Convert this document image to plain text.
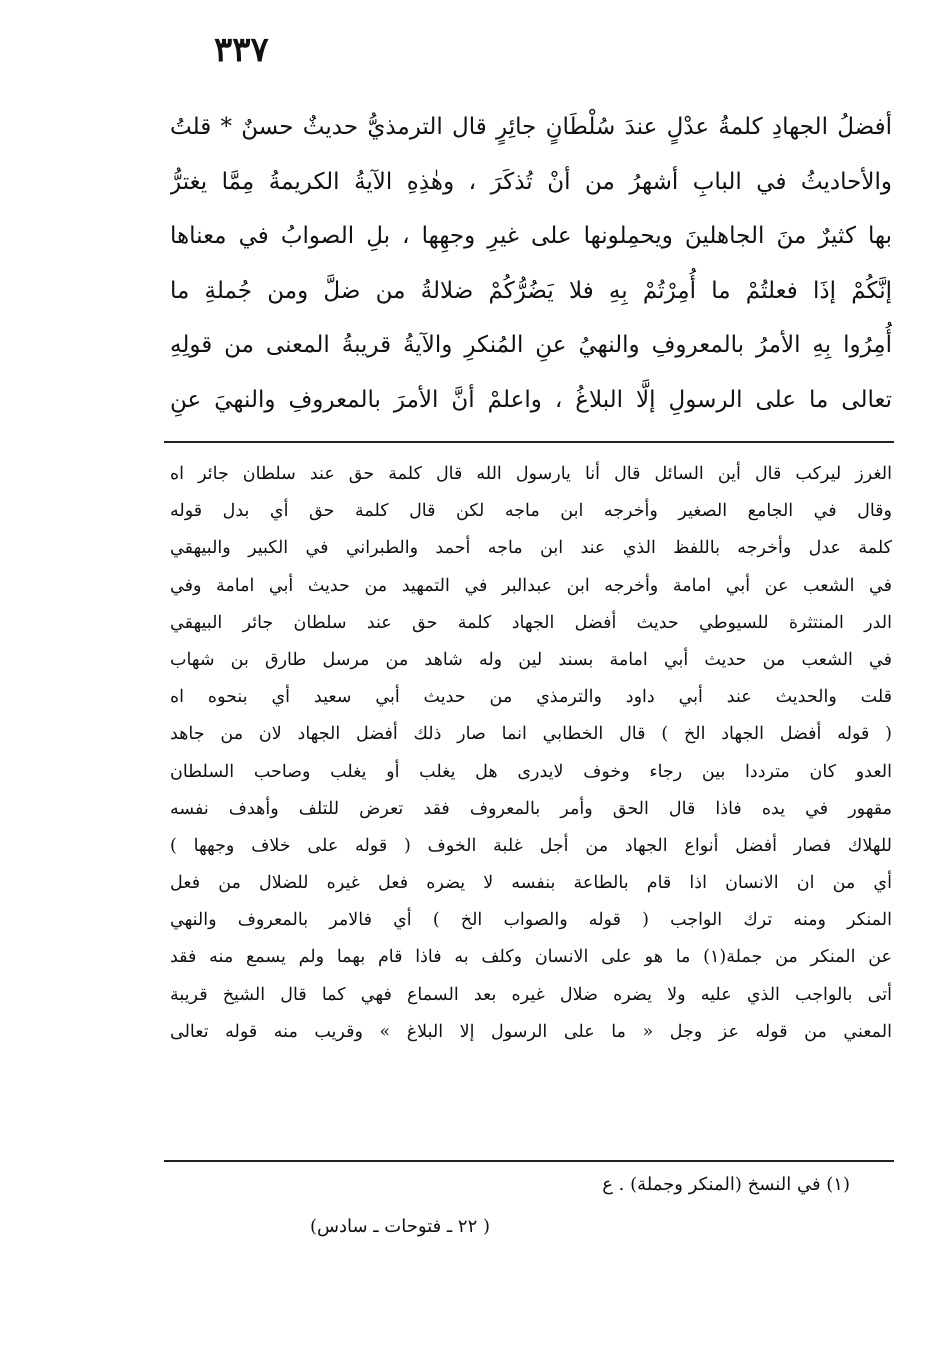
٣٣٧
أفضلُ الجهادِ كلمةُ عدْلٍ عندَ سُلْطَانٍ جائِرٍ قال الترمذيُّ حديثٌ حسنٌ * قلتُ
والأحاديثُ في البابِ أشهرُ من أنْ تُذكَرَ ، وهٰذِهِ الآيةُ الكريمةُ مِمَّا يغترُّ
بها كثيرٌ منَ الجاهلينَ ويحمِلونها على غيرِ وجهِها ، بلِ الصوابُ في معناها
إنَّكُمْ إذَا فعلتُمْ ما أُمِرْتُمْ بِهِ فلا يَضُرُّكُمْ ضلالةُ من ضلَّ ومن جُملةِ ما
أُمِرُوا بِهِ الأمرُ بالمعروفِ والنهيُ عنِ المُنكرِ والآيةُ قريبةُ المعنى من قولِهِ
تعالى ما على الرسولِ إلَّا البلاغُ ، واعلمْ أنَّ الأمرَ بالمعروفِ والنهيَ عنِ
الغرز ليركب قال أين السائل قال أنا يارسول الله قال كلمة حق عند سلطان جائر اه
وقال في الجامع الصغير وأخرجه ابن ماجه لكن قال كلمة حق أي بدل قوله
كلمة عدل وأخرجه باللفظ الذي عند ابن ماجه أحمد والطبراني في الكبير والبيهقي
في الشعب عن أبي امامة وأخرجه ابن عبدالبر في التمهيد من حديث أبي امامة وفي
الدر المنتثرة للسيوطي حديث أفضل الجهاد كلمة حق عند سلطان جائر البيهقي
في الشعب من حديث أبي امامة بسند لين وله شاهد من مرسل طارق بن شهاب
قلت والحديث عند أبي داود والترمذي من حديث أبي سعيد أي بنحوه اه
( قوله أفضل الجهاد الخ ) قال الخطابي انما صار ذلك أفضل الجهاد لان من جاهد
العدو كان مترددا بين رجاء وخوف لايدرى هل يغلب أو يغلب وصاحب السلطان
مقهور في يده فاذا قال الحق وأمر بالمعروف فقد تعرض للتلف وأهدف نفسه
للهلاك فصار أفضل أنواع الجهاد من أجل غلبة الخوف ( قوله على خلاف وجهها )
أي من ان الانسان اذا قام بالطاعة بنفسه لا يضره فعل غيره للضلال من فعل
المنكر ومنه ترك الواجب ( قوله والصواب الخ ) أي فالامر بالمعروف والنهي
عن المنكر من جملة(١) ما هو على الانسان وكلف به فاذا قام بهما ولم يسمع منه فقد
أتى بالواجب الذي عليه ولا يضره ضلال غيره بعد السماع فهي كما قال الشيخ قريبة
المعني من قوله عز وجل « ما على الرسول إلا البلاغ » وقريب منه قوله تعالى
(١) في النسخ (المنكر وجملة) . ع
( ٢٢ ـ فتوحات ـ سادس)
